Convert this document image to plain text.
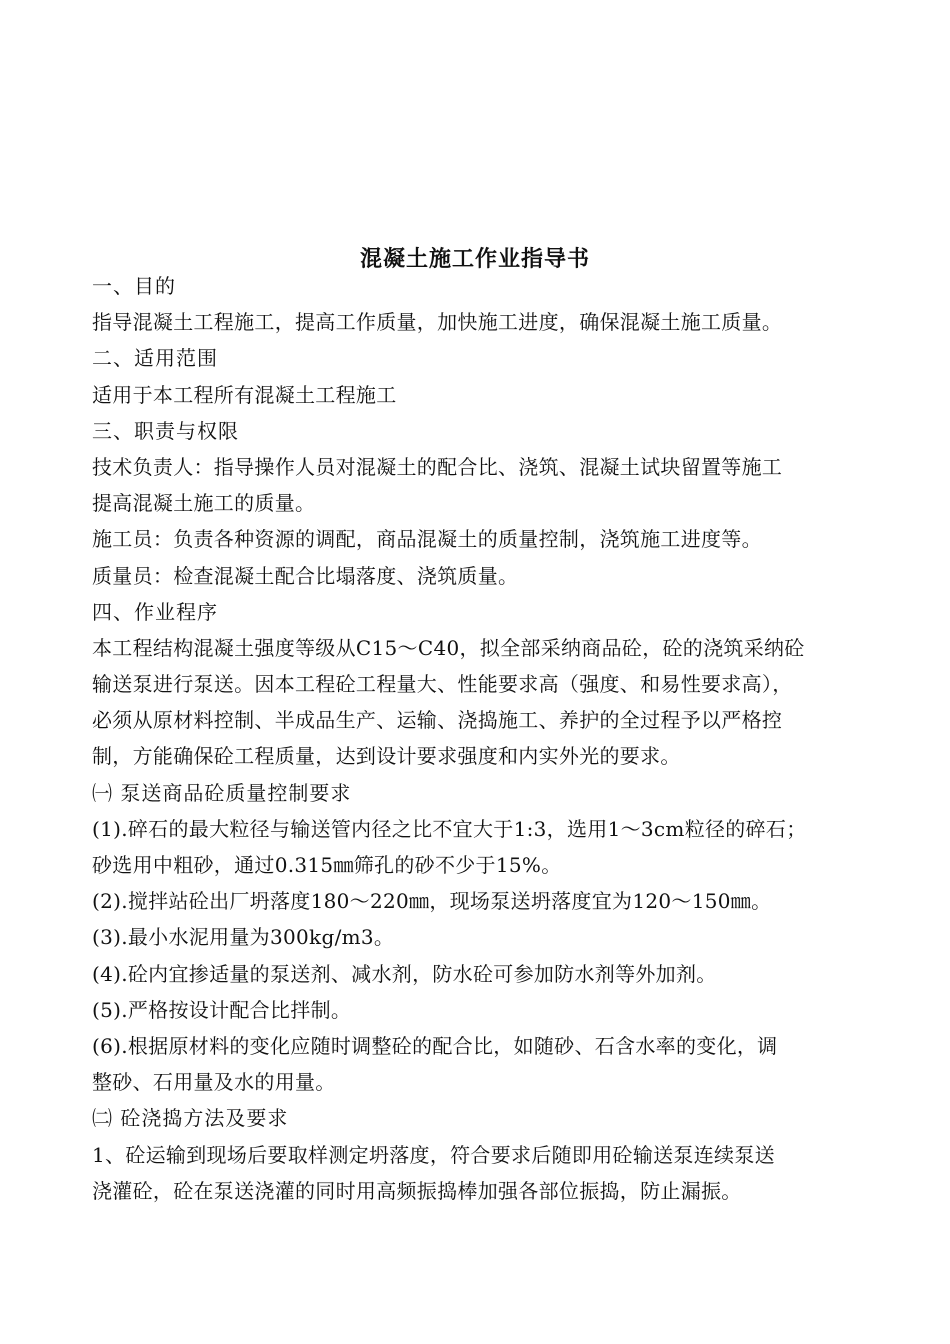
混凝土施工作业指导书
一、目的
指导混凝土工程施工，提高工作质量，加快施工进度，确保混凝土施工质量。
二、适用范围
适用于本工程所有混凝土工程施工
三、职责与权限
技术负责人：指导操作人员对混凝土的配合比、浇筑、混凝土试块留置等施工
提高混凝土施工的质量。
施工员：负责各种资源的调配，商品混凝土的质量控制，浇筑施工进度等。
质量员：检查混凝土配合比塌落度、浇筑质量。
四、作业程序
本工程结构混凝土强度等级从C15～C40，拟全部采纳商品砼，砼的浇筑采纳砼
输送泵进行泵送。因本工程砼工程量大、性能要求高（强度、和易性要求高），
必须从原材料控制、半成品生产、运输、浇捣施工、养护的全过程予以严格控
制，方能确保砼工程质量，达到设计要求强度和内实外光的要求。
㈠ 泵送商品砼质量控制要求
(1).碎石的最大粒径与输送管内径之比不宜大于1:3，选用1～3cm粒径的碎石；
砂选用中粗砂，通过0.315㎜筛孔的砂不少于15%。
(2).搅拌站砼出厂坍落度180～220㎜，现场泵送坍落度宜为120～150㎜。
(3).最小水泥用量为300kg/m3。
(4).砼内宜掺适量的泵送剂、减水剂，防水砼可参加防水剂等外加剂。
(5).严格按设计配合比拌制。
(6).根据原材料的变化应随时调整砼的配合比，如随砂、石含水率的变化，调
整砂、石用量及水的用量。
㈡ 砼浇捣方法及要求
1、砼运输到现场后要取样测定坍落度，符合要求后随即用砼输送泵连续泵送
浇灌砼，砼在泵送浇灌的同时用高频振捣棒加强各部位振捣，防止漏振。
